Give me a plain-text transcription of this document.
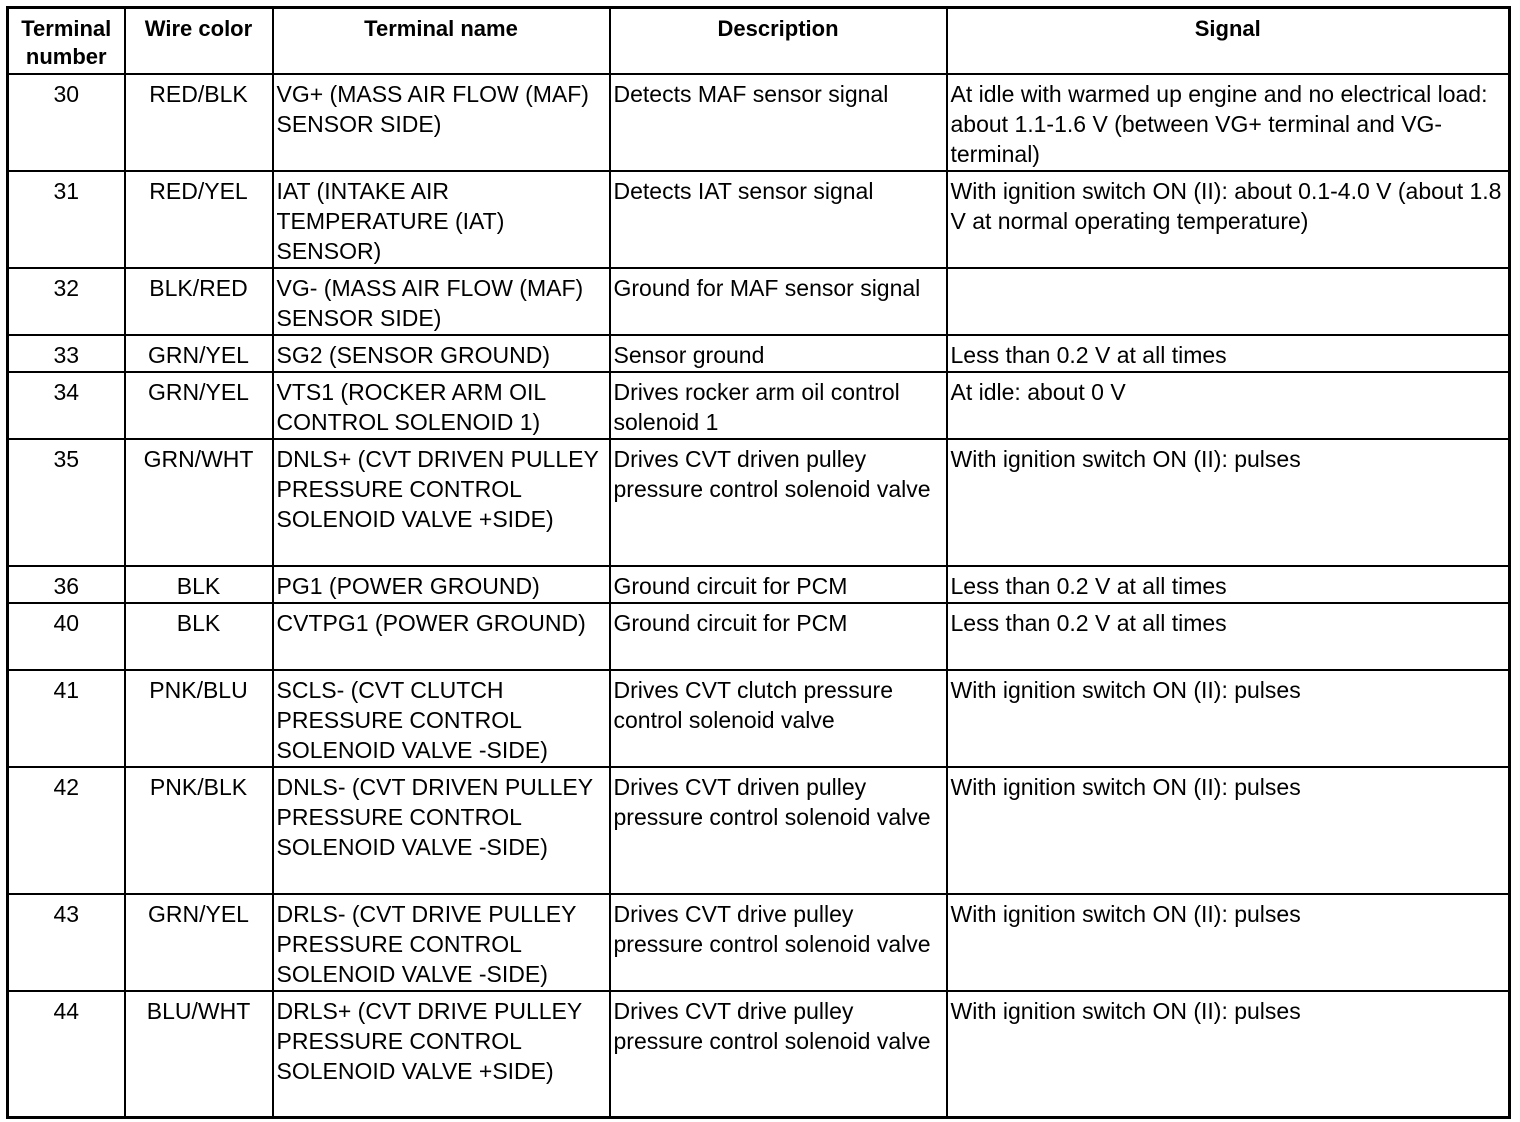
Terminal
number	Wire color	Terminal name	Description	Signal
30	RED/BLK	VG+ (MASS AIR FLOW (MAF) SENSOR SIDE)	Detects MAF sensor signal	At idle with warmed up engine and no electrical load: about 1.1-1.6 V (between VG+ terminal and VG- terminal)
31	RED/YEL	IAT (INTAKE AIR TEMPERATURE (IAT) SENSOR)	Detects IAT sensor signal	With ignition switch ON (II): about 0.1-4.0 V (about 1.8 V at normal operating temperature)
32	BLK/RED	VG- (MASS AIR FLOW (MAF) SENSOR SIDE)	Ground for MAF sensor signal	
33	GRN/YEL	SG2 (SENSOR GROUND)	Sensor ground	Less than 0.2 V at all times
34	GRN/YEL	VTS1 (ROCKER ARM OIL CONTROL SOLENOID 1)	Drives rocker arm oil control solenoid 1	At idle: about 0 V
35	GRN/WHT	DNLS+ (CVT DRIVEN PULLEY PRESSURE CONTROL SOLENOID VALVE +SIDE)	Drives CVT driven pulley pressure control solenoid valve	With ignition switch ON (II): pulses
36	BLK	PG1 (POWER GROUND)	Ground circuit for PCM	Less than 0.2 V at all times
40	BLK	CVTPG1 (POWER GROUND)	Ground circuit for PCM	Less than 0.2 V at all times
41	PNK/BLU	SCLS- (CVT CLUTCH PRESSURE CONTROL SOLENOID VALVE -SIDE)	Drives CVT clutch pressure control solenoid valve	With ignition switch ON (II): pulses
42	PNK/BLK	DNLS- (CVT DRIVEN PULLEY PRESSURE CONTROL SOLENOID VALVE -SIDE)	Drives CVT driven pulley pressure control solenoid valve	With ignition switch ON (II): pulses
43	GRN/YEL	DRLS- (CVT DRIVE PULLEY PRESSURE CONTROL SOLENOID VALVE -SIDE)	Drives CVT drive pulley pressure control solenoid valve	With ignition switch ON (II): pulses
44	BLU/WHT	DRLS+ (CVT DRIVE PULLEY PRESSURE CONTROL SOLENOID VALVE +SIDE)	Drives CVT drive pulley pressure control solenoid valve	With ignition switch ON (II): pulses
